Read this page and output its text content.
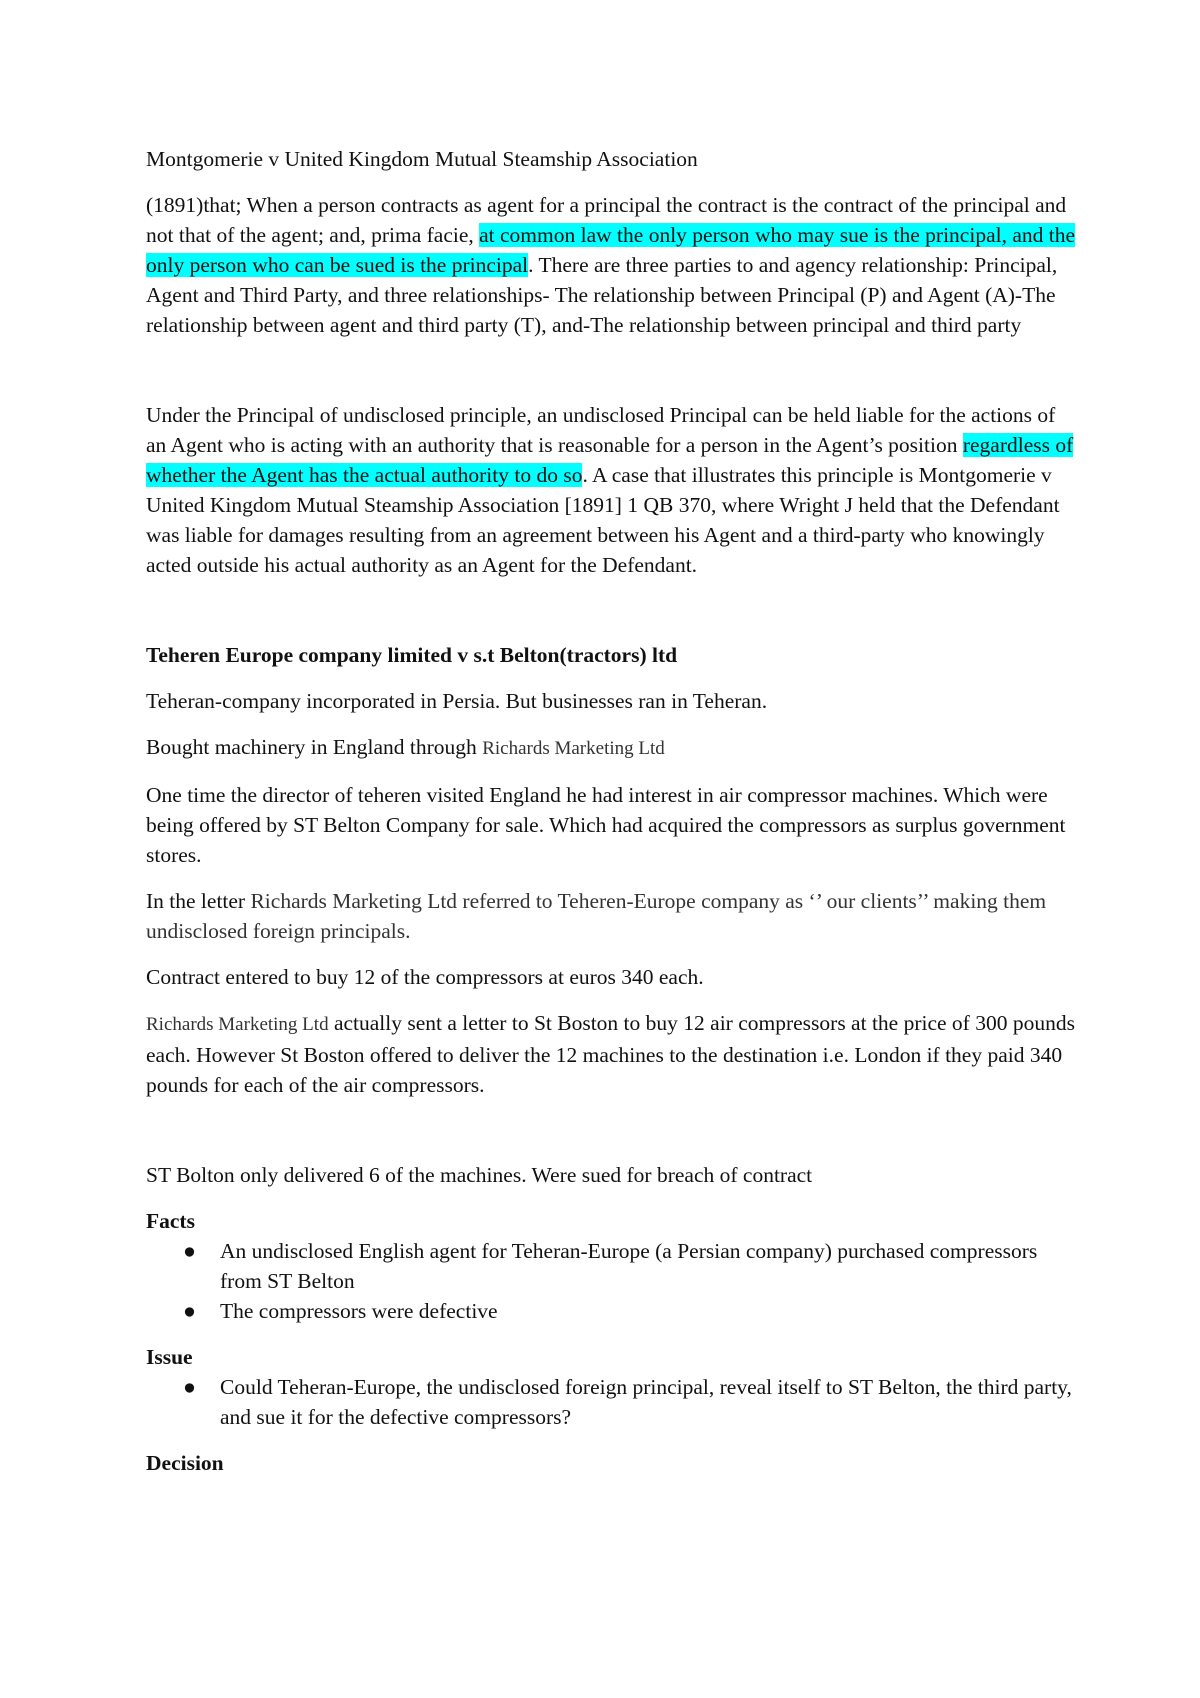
Montgomerie v United Kingdom Mutual Steamship Association

(1891)that; When a person contracts as agent for a principal the contract is the contract of the principal and not that of the agent; and, prima facie, at common law the only person who may sue is the principal, and the only person who can be sued is the principal. There are three parties to and agency relationship: Principal, Agent and Third Party, and three relationships- The relationship between Principal (P) and Agent (A)-The relationship between agent and third party (T), and-The relationship between principal and third party

Under the Principal of undisclosed principle, an undisclosed Principal can be held liable for the actions of an Agent who is acting with an authority that is reasonable for a person in the Agent’s position regardless of whether the Agent has the actual authority to do so. A case that illustrates this principle is Montgomerie v United Kingdom Mutual Steamship Association [1891] 1 QB 370, where Wright J held that the Defendant was liable for damages resulting from an agreement between his Agent and a third-party who knowingly acted outside his actual authority as an Agent for the Defendant.

Teheren Europe company limited v s.t Belton(tractors) ltd

Teheran-company incorporated in Persia. But businesses ran in Teheran.

Bought machinery in England through Richards Marketing Ltd

One time the director of teheren visited England he had interest in air compressor machines. Which were being offered by ST Belton Company for sale. Which had acquired the compressors as surplus government stores.

In the letter Richards Marketing Ltd referred to Teheren-Europe company as ‘’ our clients’’ making them undisclosed foreign principals.

Contract entered to buy 12 of the compressors at euros 340 each.

Richards Marketing Ltd actually sent a letter to St Boston to buy 12 air compressors at the price of 300 pounds each. However St Boston offered to deliver the 12 machines to the destination i.e. London if they paid 340 pounds for each of the air compressors.

ST Bolton only delivered 6 of the machines. Were sued for breach of contract

Facts

● An undisclosed English agent for Teheran-Europe (a Persian company) purchased compressors from ST Belton
● The compressors were defective

Issue

● Could Teheran-Europe, the undisclosed foreign principal, reveal itself to ST Belton, the third party, and sue it for the defective compressors?

Decision
